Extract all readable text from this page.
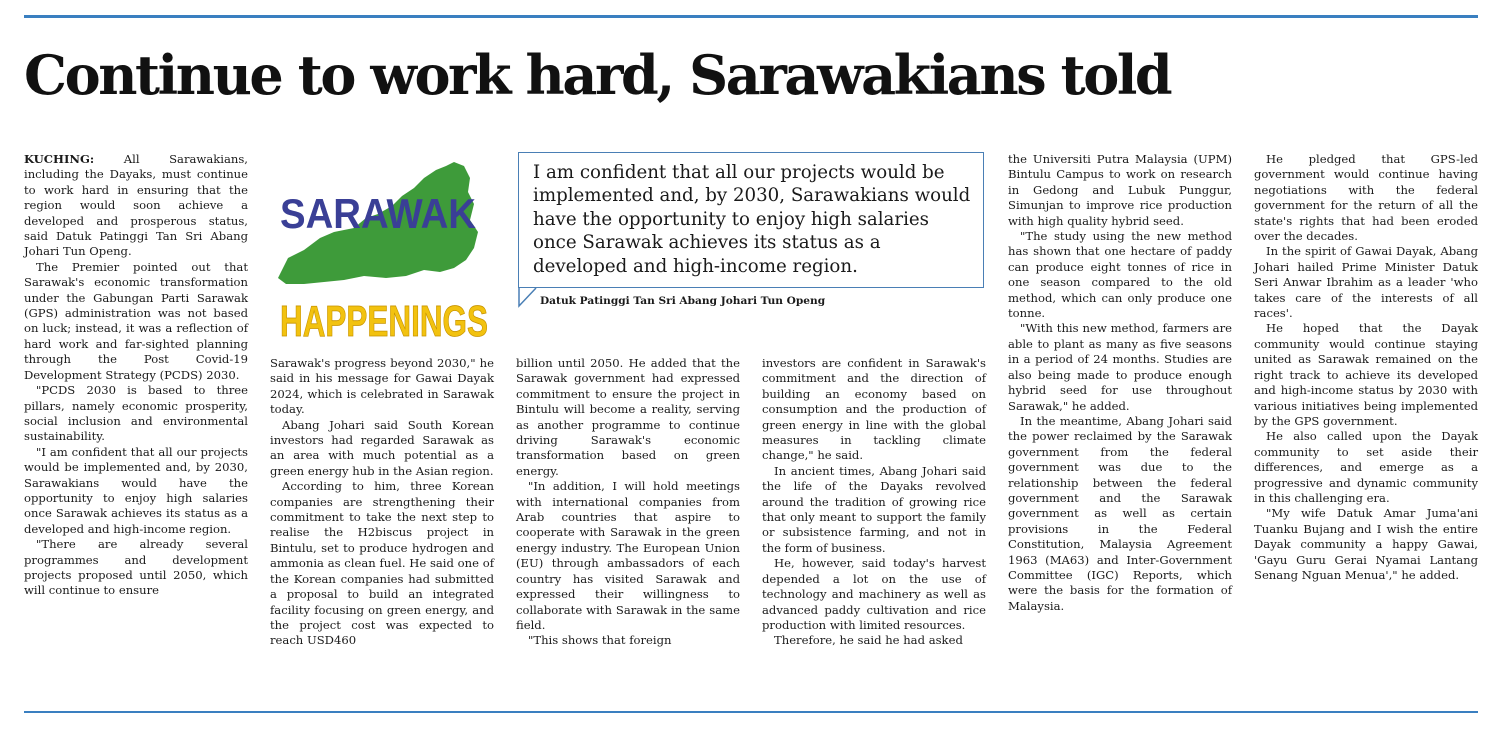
Continue to work hard, Sarawakians told

KUCHING: All Sarawakians, including the Dayaks, must continue to work hard in ensuring that the region would soon achieve a developed and prosperous status, said Datuk Patinggi Tan Sri Abang Johari Tun Openg.

The Premier pointed out that Sarawak's economic transformation under the Gabungan Parti Sarawak (GPS) administration was not based on luck; instead, it was a reflection of hard work and far-sighted planning through the Post Covid-19 Development Strategy (PCDS) 2030.

"PCDS 2030 is based to three pillars, namely economic prosperity, social inclusion and environmental sustainability.

"I am confident that all our projects would be implemented and, by 2030, Sarawakians would have the opportunity to enjoy high salaries once Sarawak achieves its status as a developed and high-income region.

"There are already several programmes and development projects proposed until 2050, which will continue to ensure

SARAWAK
HAPPENINGS
I am confident that all our projects would be implemented and, by 2030, Sarawakians would have the opportunity to enjoy high salaries once Sarawak achieves its status as a developed and high-income region.
Datuk Patinggi Tan Sri Abang Johari Tun Openg

Sarawak's progress beyond 2030," he said in his message for Gawai Dayak 2024, which is celebrated in Sarawak today.

Abang Johari said South Korean investors had regarded Sarawak as an area with much potential as a green energy hub in the Asian region.

According to him, three Korean companies are strengthening their commitment to take the next step to realise the H2biscus project in Bintulu, set to produce hydrogen and ammonia as clean fuel. He said one of the Korean companies had submitted a proposal to build an integrated facility focusing on green energy, and the project cost was expected to reach USD460

billion until 2050. He added that the Sarawak government had expressed commitment to ensure the project in Bintulu will become a reality, serving as another programme to continue driving Sarawak's economic transformation based on green energy.

"In addition, I will hold meetings with international companies from Arab countries that aspire to cooperate with Sarawak in the green energy industry. The European Union (EU) through ambassadors of each country has visited Sarawak and expressed their willingness to collaborate with Sarawak in the same field.

"This shows that foreign

investors are confident in Sarawak's commitment and the direction of building an economy based on consumption and the production of green energy in line with the global measures in tackling climate change," he said.

In ancient times, Abang Johari said the life of the Dayaks revolved around the tradition of growing rice that only meant to support the family or subsistence farming, and not in the form of business.

He, however, said today's harvest depended a lot on the use of technology and machinery as well as advanced paddy cultivation and rice production with limited resources.

Therefore, he said he had asked

the Universiti Putra Malaysia (UPM) Bintulu Campus to work on research in Gedong and Lubuk Punggur, Simunjan to improve rice production with high quality hybrid seed.

"The study using the new method has shown that one hectare of paddy can produce eight tonnes of rice in one season compared to the old method, which can only produce one tonne.

"With this new method, farmers are able to plant as many as five seasons in a period of 24 months. Studies are also being made to produce enough hybrid seed for use throughout Sarawak," he added.

In the meantime, Abang Johari said the power reclaimed by the Sarawak government from the federal government was due to the relationship between the federal government and the Sarawak government as well as certain provisions in the Federal Constitution, Malaysia Agreement 1963 (MA63) and Inter-Government Committee (IGC) Reports, which were the basis for the formation of Malaysia.

He pledged that GPS-led government would continue having negotiations with the federal government for the return of all the state's rights that had been eroded over the decades.

In the spirit of Gawai Dayak, Abang Johari hailed Prime Minister Datuk Seri Anwar Ibrahim as a leader 'who takes care of the interests of all races'.

He hoped that the Dayak community would continue staying united as Sarawak remained on the right track to achieve its developed and high-income status by 2030 with various initiatives being implemented by the GPS government.

He also called upon the Dayak community to set aside their differences, and emerge as a progressive and dynamic community in this challenging era.

"My wife Datuk Amar Juma'ani Tuanku Bujang and I wish the entire Dayak community a happy Gawai, 'Gayu Guru Gerai Nyamai Lantang Senang Nguan Menua'," he added.
